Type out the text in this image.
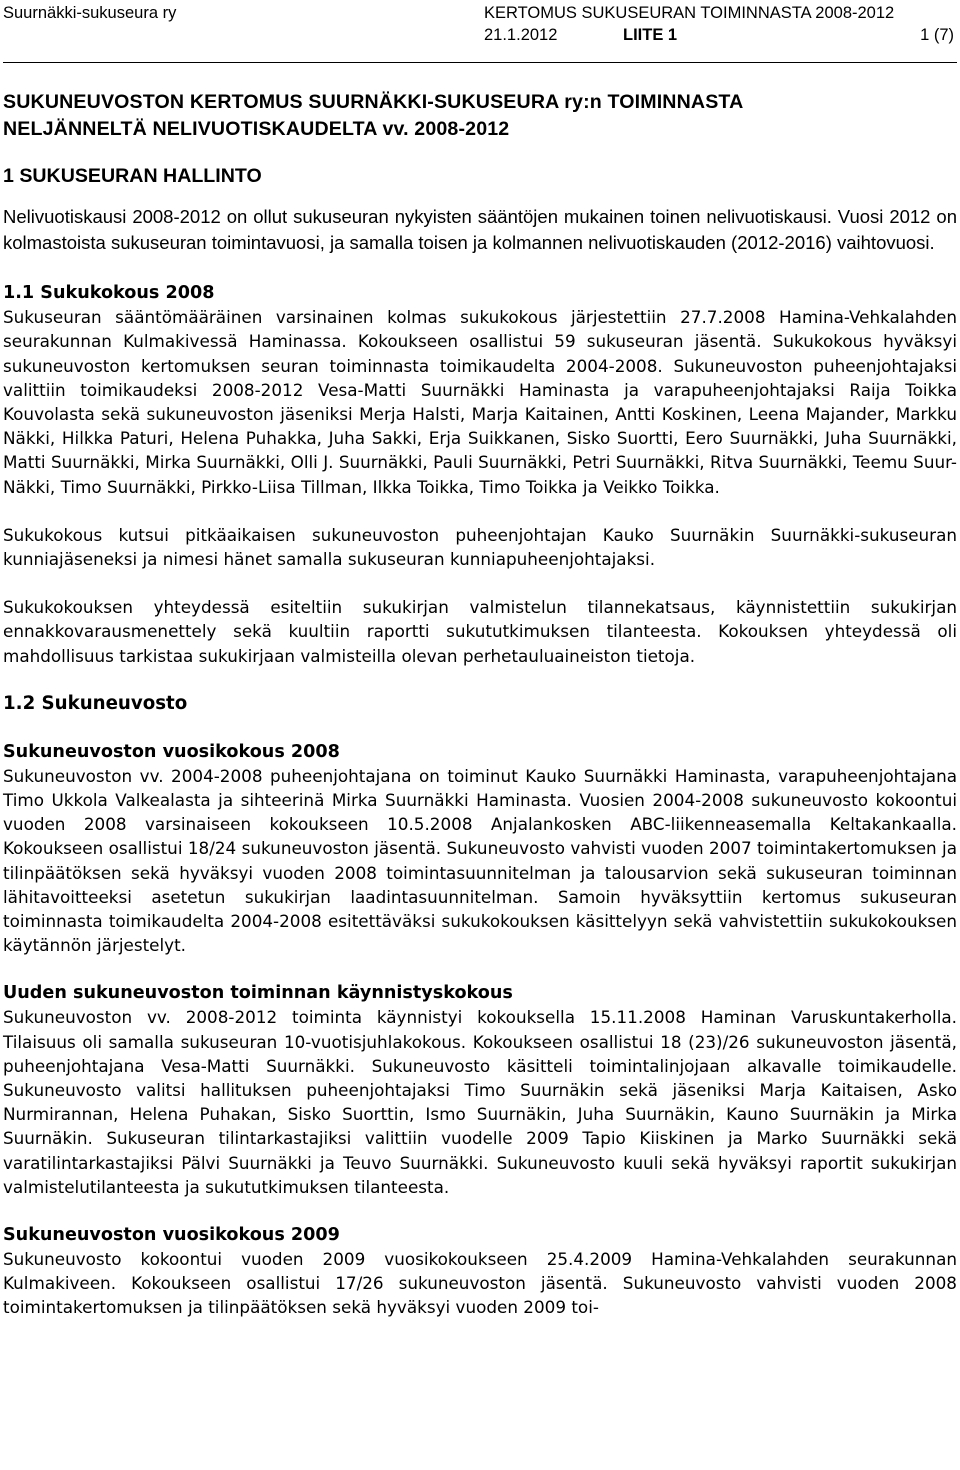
Suurnäkki-sukuseura ry	KERTOMUS SUKUSEURAN TOIMINNASTA 2008-2012
21.1.2012	LIITE 1	1 (7)
SUKUNEUVOSTON KERTOMUS SUURNÄKKI-SUKUSEURA ry:n TOIMINNASTA
NELJÄNNELTÄ NELIVUOTISKAUDELTA vv. 2008-2012
1 SUKUSEURAN HALLINTO

Nelivuotiskausi 2008-2012 on ollut sukuseuran nykyisten sääntöjen mukainen toinen nelivuotiskausi. Vuosi 2012 on kolmastoista sukuseuran toimintavuosi, ja samalla toisen ja kolmannen nelivuotiskauden (2012-2016) vaihtovuosi.

1.1 Sukukokous 2008

Sukuseuran sääntömääräinen varsinainen kolmas sukukokous järjestettiin 27.7.2008 Hamina-Vehkalahden seurakunnan Kulmakivessä Haminassa. Kokoukseen osallistui 59 sukuseuran jäsentä. Sukukokous hyväksyi sukuneuvoston kertomuksen seuran toiminnasta toimikaudelta 2004-2008. Sukuneuvoston puheenjohtajaksi valittiin toimikaudeksi 2008-2012 Vesa-Matti Suurnäkki Haminasta ja varapuheenjohtajaksi Raija Toikka Kouvolasta sekä sukuneuvoston jäseniksi Merja Halsti, Marja Kaitainen, Antti Koskinen, Leena Majander, Markku Näkki, Hilkka Paturi, Helena Puhakka, Juha Sakki, Erja Suikkanen, Sisko Suortti, Eero Suurnäkki, Juha Suurnäkki, Matti Suurnäkki, Mirka Suurnäkki, Olli J. Suurnäkki, Pauli Suurnäkki, Petri Suurnäkki, Ritva Suurnäkki, Teemu Suur-Näkki, Timo Suurnäkki, Pirkko-Liisa Tillman, Ilkka Toikka, Timo Toikka ja Veikko Toikka.

Sukukokous kutsui pitkäaikaisen sukuneuvoston puheenjohtajan Kauko Suurnäkin Suurnäkki-sukuseuran kunniajäseneksi ja nimesi hänet samalla sukuseuran kunniapuheenjohtajaksi.

Sukukokouksen yhteydessä esiteltiin sukukirjan valmistelun tilannekatsaus, käynnistettiin sukukirjan ennakkovarausmenettely sekä kuultiin raportti sukututkimuksen tilanteesta. Kokouksen yhteydessä oli mahdollisuus tarkistaa sukukirjaan valmisteilla olevan perhetauluaineiston tietoja.

1.2 Sukuneuvosto
Sukuneuvoston vuosikokous 2008

Sukuneuvoston vv. 2004-2008 puheenjohtajana on toiminut Kauko Suurnäkki Haminasta, varapuheenjohtajana Timo Ukkola Valkealasta ja sihteerinä Mirka Suurnäkki Haminasta. Vuosien 2004-2008 sukuneuvosto kokoontui vuoden 2008 varsinaiseen kokoukseen 10.5.2008 Anjalankosken ABC-liikenneasemalla Keltakankaalla. Kokoukseen osallistui 18/24 sukuneuvoston jäsentä. Sukuneuvosto vahvisti vuoden 2007 toimintakertomuksen ja tilinpäätöksen sekä hyväksyi vuoden 2008 toimintasuunnitelman ja talousarvion sekä sukuseuran toiminnan lähitavoitteeksi asetetun sukukirjan laadintasuunnitelman. Samoin hyväksyttiin kertomus sukuseuran toiminnasta toimikaudelta 2004-2008 esitettäväksi sukukokouksen käsittelyyn sekä vahvistettiin sukukokouksen käytännön järjestelyt.

Uuden sukuneuvoston toiminnan käynnistyskokous

Sukuneuvoston vv. 2008-2012 toiminta käynnistyi kokouksella 15.11.2008 Haminan Varuskuntakerholla. Tilaisuus oli samalla sukuseuran 10-vuotisjuhlakokous. Kokoukseen osallistui 18 (23)/26 sukuneuvoston jäsentä, puheenjohtajana Vesa-Matti Suurnäkki. Sukuneuvosto käsitteli toimintalinjojaan alkavalle toimikaudelle. Sukuneuvosto valitsi hallituksen puheenjohtajaksi Timo Suurnäkin sekä jäseniksi Marja Kaitaisen, Asko Nurmirannan, Helena Puhakan, Sisko Suorttin, Ismo Suurnäkin, Juha Suurnäkin, Kauno Suurnäkin ja Mirka Suurnäkin. Sukuseuran tilintarkastajiksi valittiin vuodelle 2009 Tapio Kiiskinen ja Marko Suurnäkki sekä varatilintarkastajiksi Pälvi Suurnäkki ja Teuvo Suurnäkki. Sukuneuvosto kuuli sekä hyväksyi raportit sukukirjan valmistelutilanteesta ja sukututkimuksen tilanteesta.

Sukuneuvoston vuosikokous 2009

Sukuneuvosto kokoontui vuoden 2009 vuosikokoukseen 25.4.2009 Hamina-Vehkalahden seurakunnan Kulmakiveen. Kokoukseen osallistui 17/26 sukuneuvoston jäsentä. Sukuneuvosto vahvisti vuoden 2008 toimintakertomuksen ja tilinpäätöksen sekä hyväksyi vuoden 2009 toi-
